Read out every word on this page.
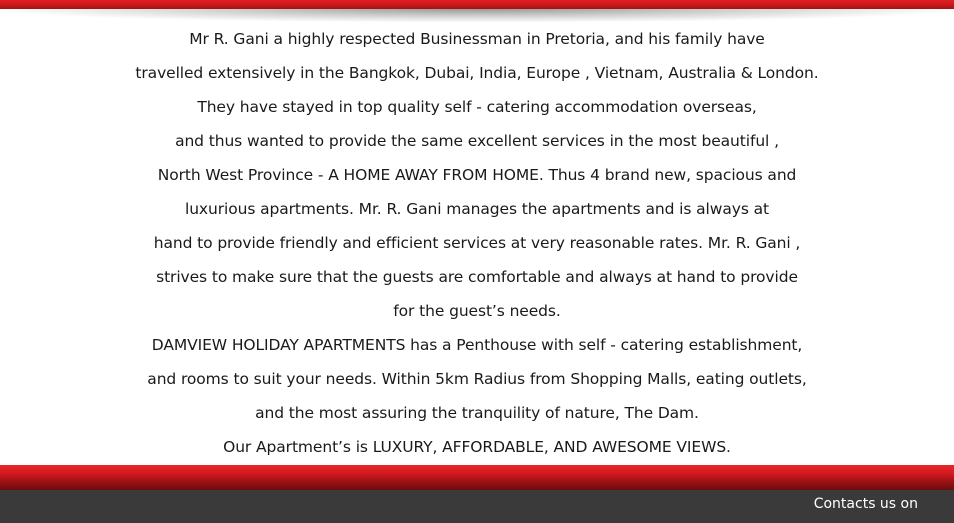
Mr R. Gani a highly respected Businessman in Pretoria, and his family have

travelled extensively in the Bangkok, Dubai, India, Europe , Vietnam, Australia & London.

They have stayed in top quality self - catering accommodation overseas,

and thus wanted to provide the same excellent services in the most beautiful ,

North West Province - A HOME AWAY FROM HOME. Thus 4 brand new, spacious and

luxurious apartments. Mr. R. Gani manages the apartments and is always at

hand to provide friendly and efficient services at very reasonable rates. Mr. R. Gani ,

strives to make sure that the guests are comfortable and always at hand to provide

for the guest’s needs.

DAMVIEW HOLIDAY APARTMENTS has a Penthouse with self - catering establishment,

and rooms to suit your needs. Within 5km Radius from Shopping Malls, eating outlets,

and the most assuring the tranquility of nature, The Dam.

Our Apartment’s is LUXURY, AFFORDABLE, AND AWESOME VIEWS.

Contacts us on
